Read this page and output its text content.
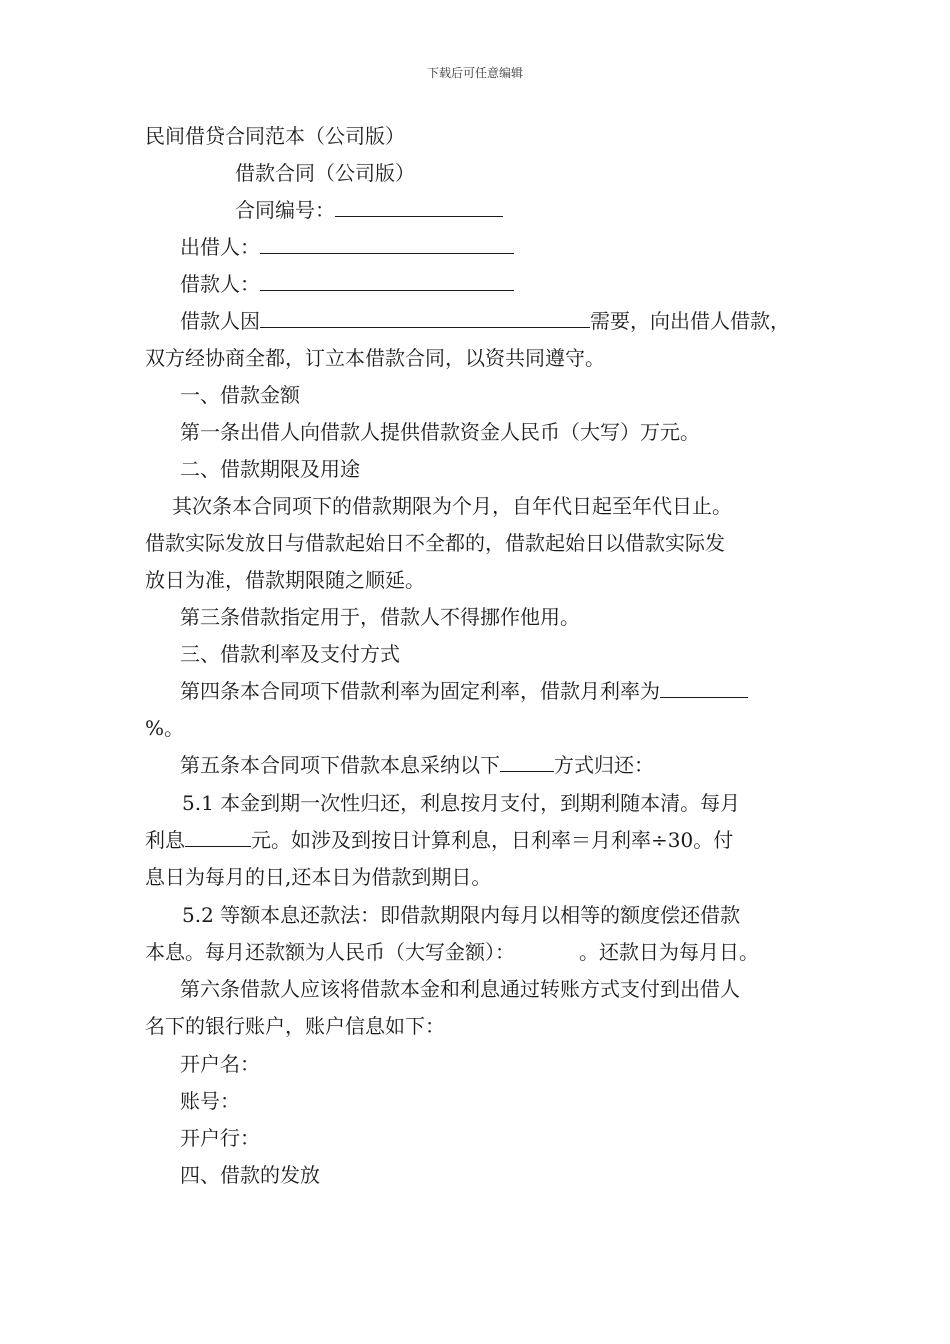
下载后可任意编辑
民间借贷合同范本（公司版）
借款合同（公司版）
合同编号：
出借人：
借款人：
借款人因	需要，向出借人借款，
双方经协商全都，订立本借款合同，以资共同遵守。
一、借款金额
第一条出借人向借款人提供借款资金人民币（大写）万元。
二、借款期限及用途
其次条本合同项下的借款期限为个月，自年代日起至年代日止。
借款实际发放日与借款起始日不全都的，借款起始日以借款实际发
放日为准，借款期限随之顺延。
第三条借款指定用于，借款人不得挪作他用。
三、借款利率及支付方式
第四条本合同项下借款利率为固定利率，借款月利率为
%。
第五条本合同项下借款本息采纳以下	方式归还：
5.1 本金到期一次性归还，利息按月支付，到期利随本清。每月
利息	元。如涉及到按日计算利息，日利率＝月利率÷30。付
息日为每月的日,还本日为借款到期日。
5.2 等额本息还款法：即借款期限内每月以相等的额度偿还借款
本息。每月还款额为人民币（大写金额）：	。还款日为每月日。
第六条借款人应该将借款本金和利息通过转账方式支付到出借人
名下的银行账户，账户信息如下：
开户名：
账号：
开户行：
四、借款的发放
